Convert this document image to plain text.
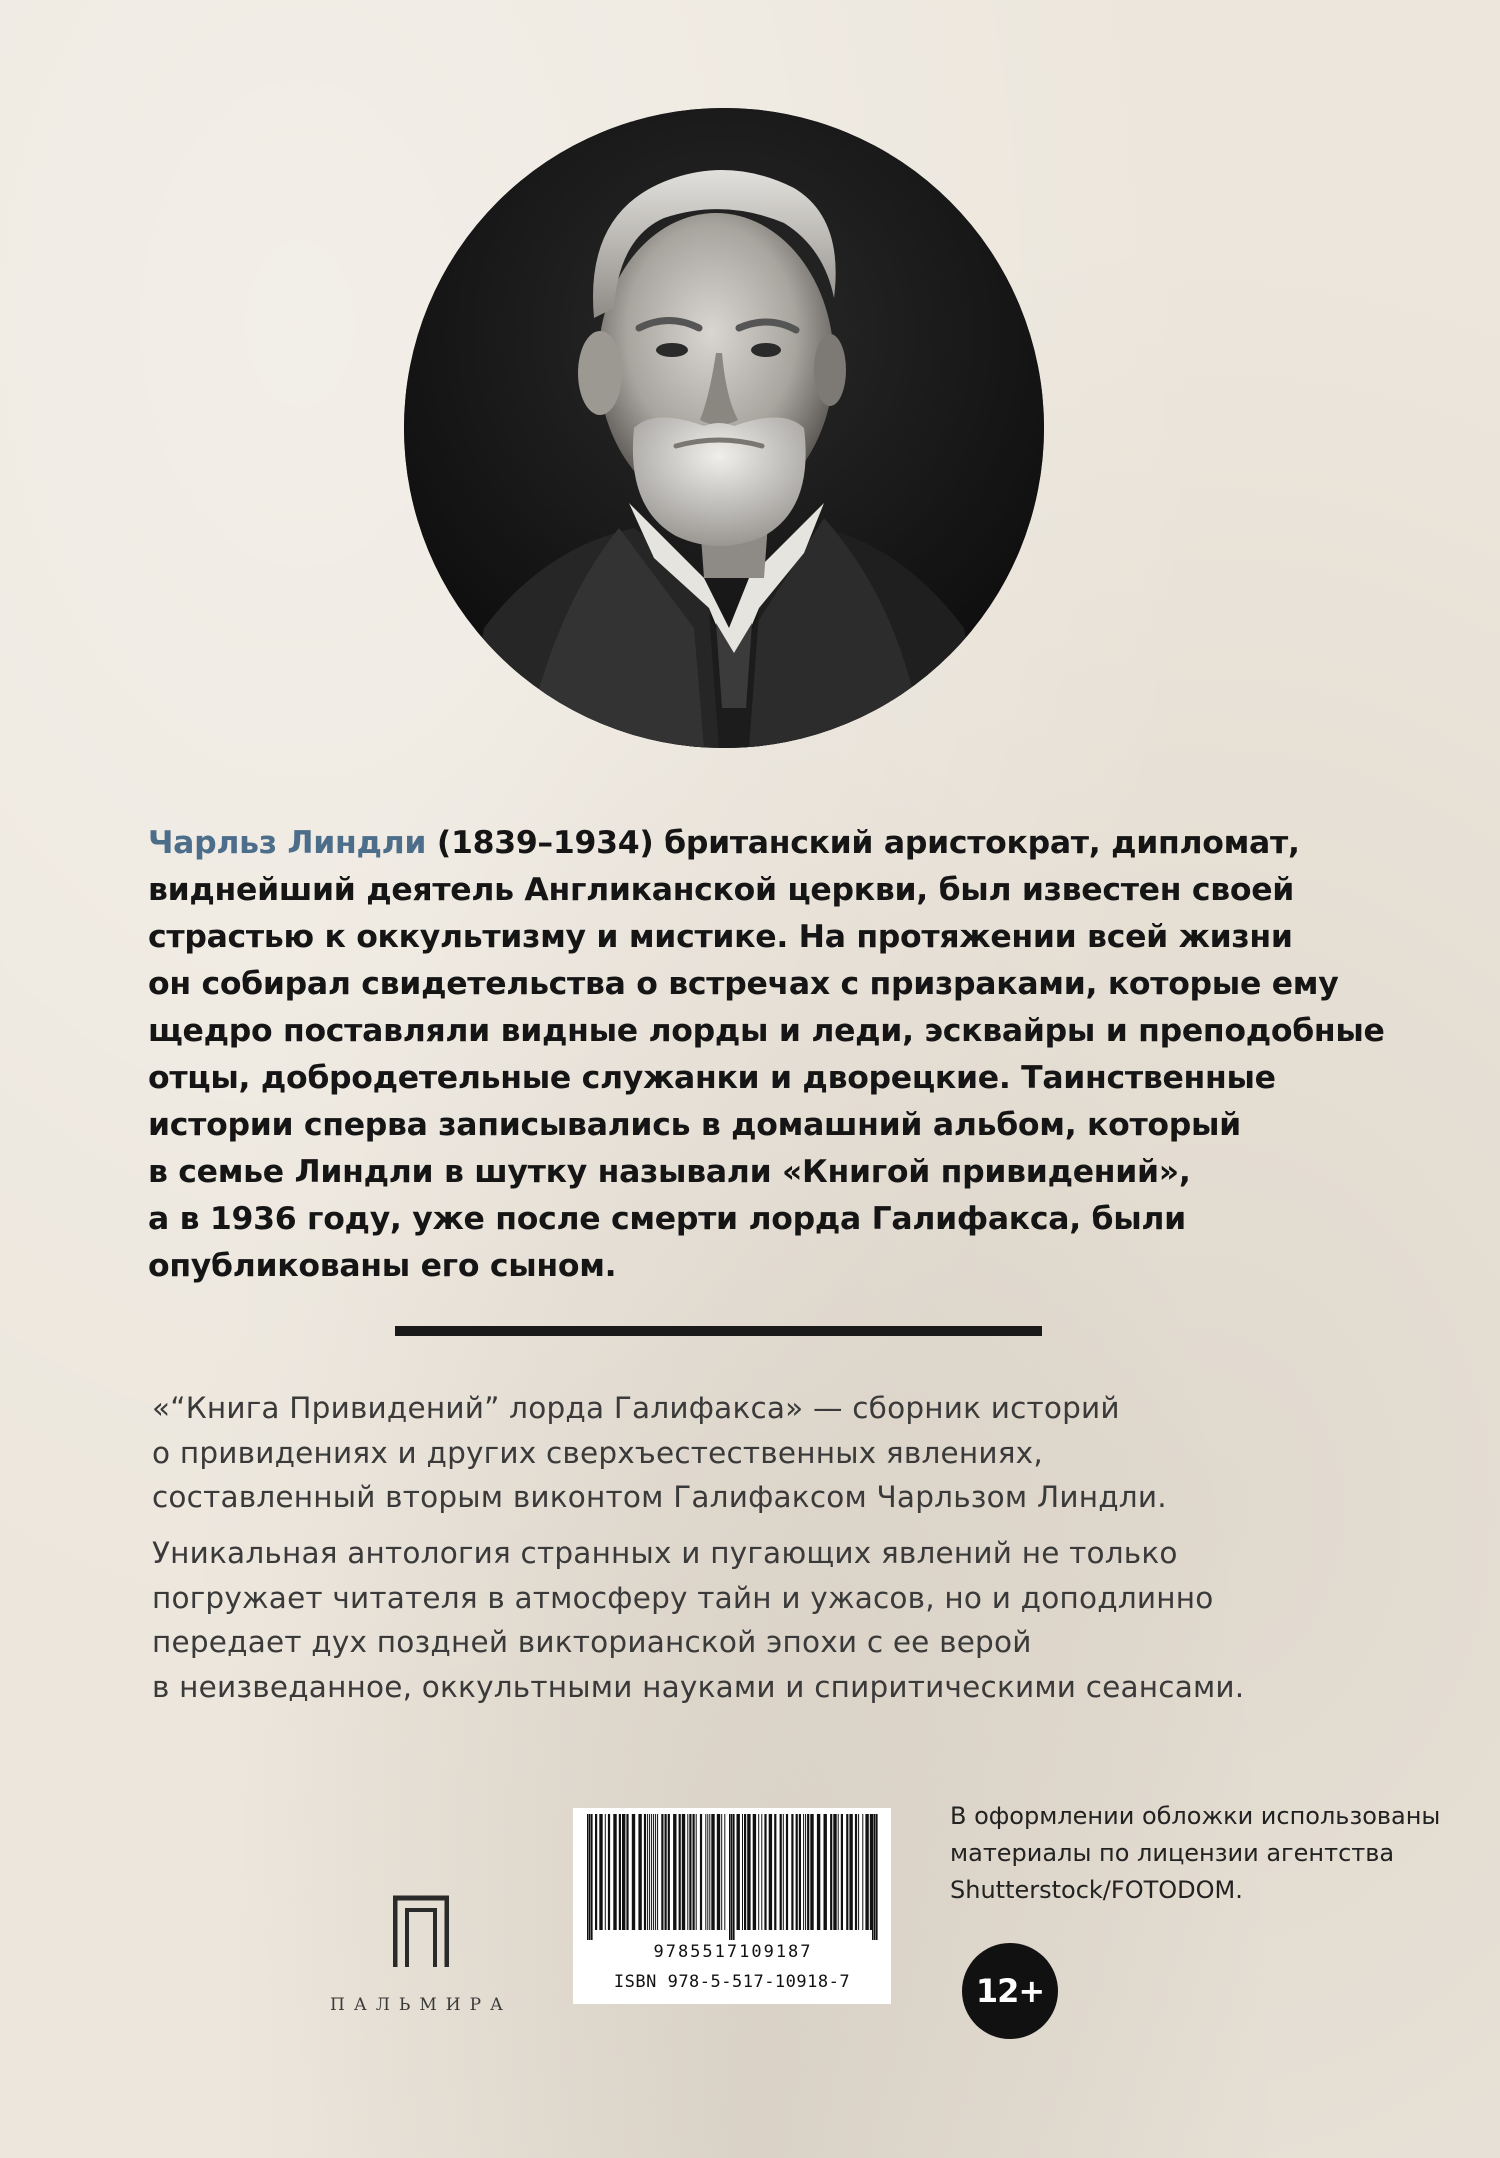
Чарльз Линдли (1839–1934) британский аристократ, дипломат,
виднейший деятель Англиканской церкви, был известен своей
страстью к оккультизму и мистике. На протяжении всей жизни
он собирал свидетельства о встречах с призраками, которые ему
щедро поставляли видные лорды и леди, эсквайры и преподобные
отцы, добродетельные служанки и дворецкие. Таинственные
истории сперва записывались в домашний альбом, который
в семье Линдли в шутку называли «Книгой привидений»,
а в 1936 году, уже после смерти лорда Галифакса, были
опубликованы его сыном.
«“Книга Привидений” лорда Галифакса» — сборник историй
о привидениях и других сверхъестественных явлениях,
составленный вторым виконтом Галифаксом Чарльзом Линдли.
Уникальная антология странных и пугающих явлений не только
погружает читателя в атмосферу тайн и ужасов, но и доподлинно
передает дух поздней викторианской эпохи с ее верой
в неизведанное, оккультными науками и спиритическими сеансами.
ПАЛЬМИРА
9785517109187
ISBN 978-5-517-10918-7
В оформлении обложки использованы
материалы по лицензии агентства
Shutterstock/FOTODOM.
12+
